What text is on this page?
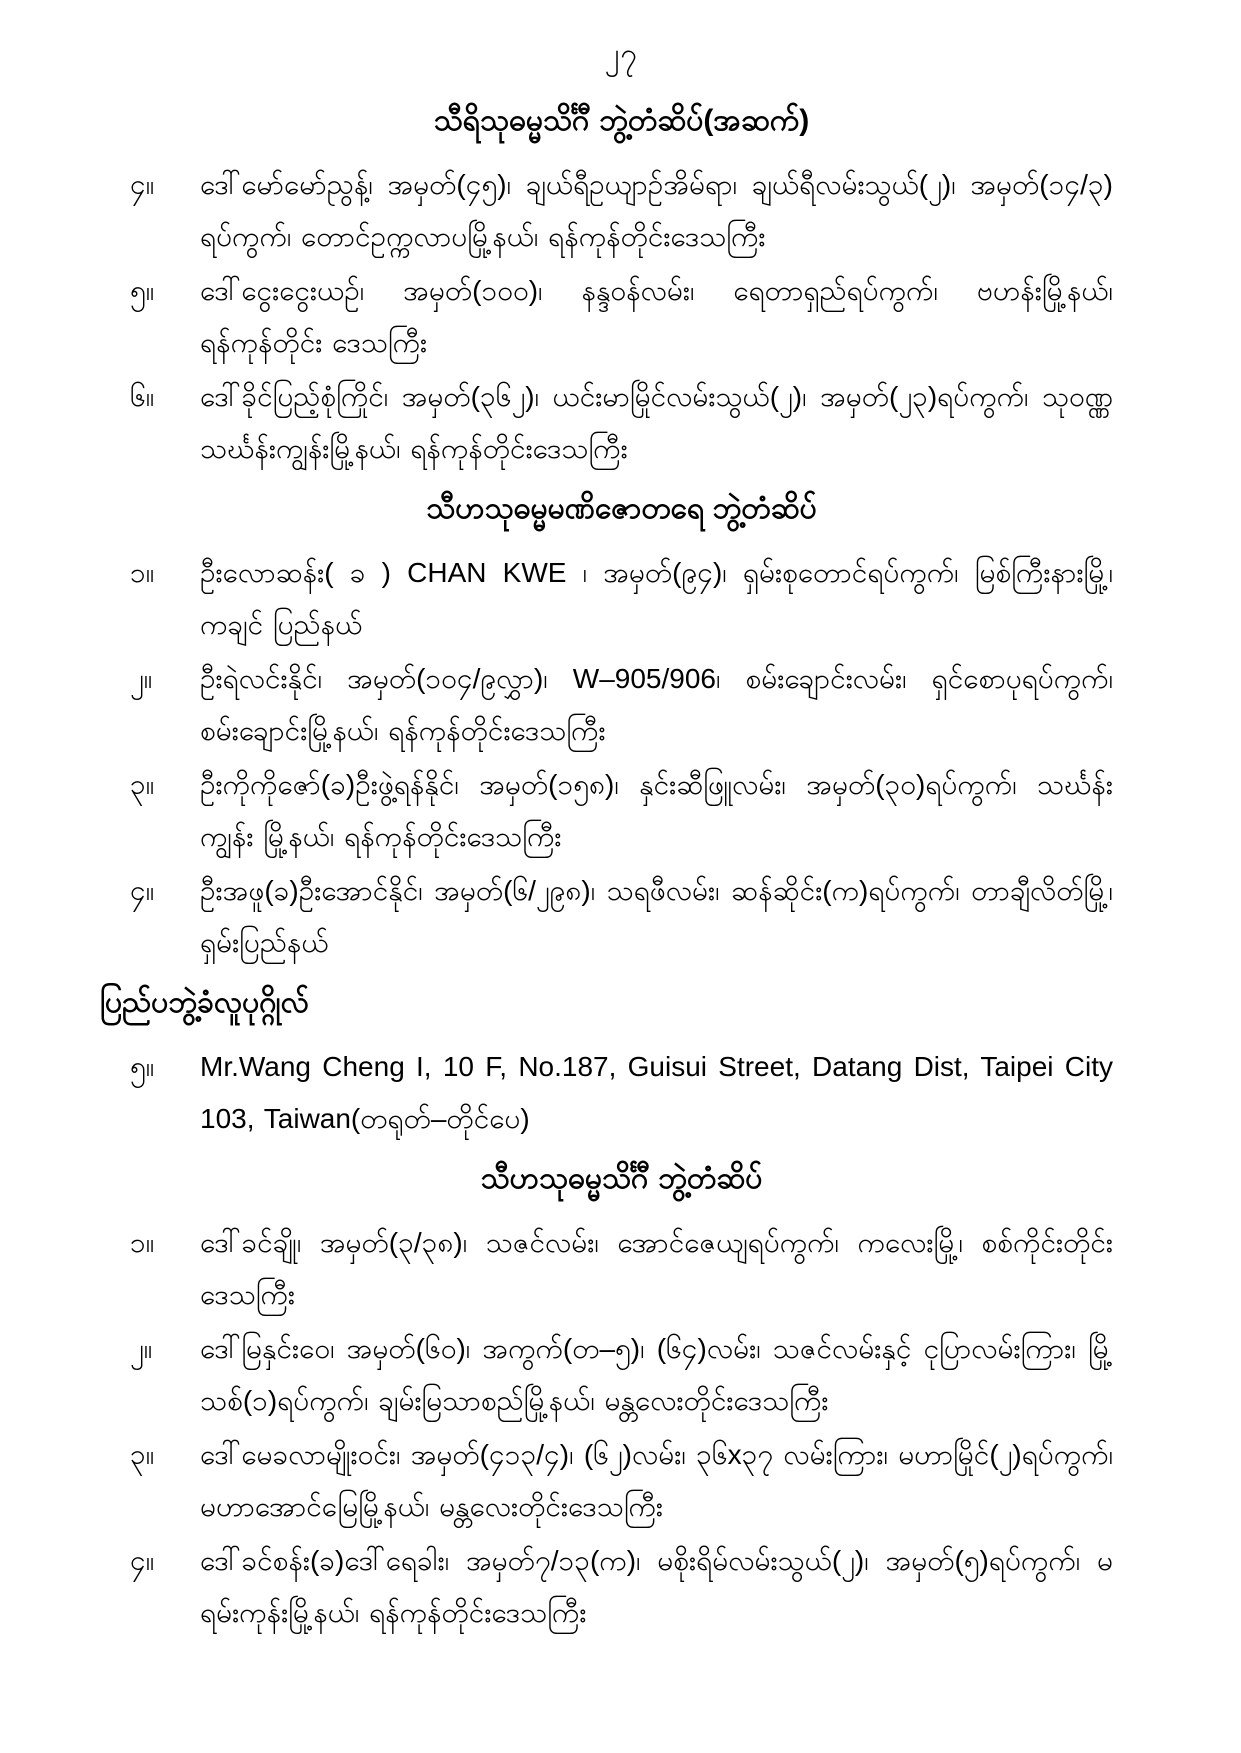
၂၇
သီရိသုဓမ္မသိင်္ဂီ ဘွဲ့တံဆိပ်(အဆက်)
၄။	ဒေါ်မော်မော်ညွန့်၊ အမှတ်(၄၅)၊ ချယ်ရီဥယျာဉ်အိမ်ရာ၊ ချယ်ရီလမ်းသွယ်(၂)၊ အမှတ်(၁၄/၃) ရပ်ကွက်၊ တောင်ဥက္ကလာပမြို့နယ်၊ ရန်ကုန်တိုင်းဒေသကြီး
၅။	ဒေါ်ငွေးငွေးယဉ်၊ အမှတ်(၁၀၀)၊ နန္ဒဝန်လမ်း၊ ရေတာရှည်ရပ်ကွက်၊ ဗဟန်းမြို့နယ်၊ ရန်ကုန်တိုင်း ဒေသကြီး
၆။	ဒေါ်ခိုင်ပြည့်စုံကြိုင်၊ အမှတ်(၃၆၂)၊ ယင်းမာမြိုင်လမ်းသွယ်(၂)၊ အမှတ်(၂၃)ရပ်ကွက်၊ သုဝဏ္ဏ သင်္ဃန်းကျွန်းမြို့နယ်၊ ရန်ကုန်တိုင်းဒေသကြီး
သီဟသုဓမ္မမဏိဇောတရေ ဘွဲ့တံဆိပ်
၁။	ဦးလောဆန်း( ခ ) CHAN KWE ၊ အမှတ်(၉၄)၊ ရှမ်းစုတောင်ရပ်ကွက်၊ မြစ်ကြီးနားမြို့၊ ကချင် ပြည်နယ်
၂။	ဦးရဲလင်းနိုင်၊ အမှတ်(၁၀၄/၉လွှာ)၊ W–905/906၊ စမ်းချောင်းလမ်း၊ ရှင်စောပုရပ်ကွက်၊ စမ်းချောင်းမြို့နယ်၊ ရန်ကုန်တိုင်းဒေသကြီး
၃။	ဦးကိုကိုဇော်(ခ)ဦးဖွဲ့ရန်နိုင်၊ အမှတ်(၁၅၈)၊ နှင်းဆီဖြူလမ်း၊ အမှတ်(၃၀)ရပ်ကွက်၊ သင်္ဃန်းကျွန်း မြို့နယ်၊ ရန်ကုန်တိုင်းဒေသကြီး
၄။	ဦးအဖူ(ခ)ဦးအောင်နိုင်၊ အမှတ်(၆/၂၉၈)၊ သရဖီလမ်း၊ ဆန်ဆိုင်း(က)ရပ်ကွက်၊ တာချီလိတ်မြို့၊ ရှမ်းပြည်နယ်
ပြည်ပဘွဲ့ခံလူပုဂ္ဂိုလ်
၅။	Mr.Wang Cheng I, 10 F, No.187, Guisui Street, Datang Dist, Taipei City 103, Taiwan(တရုတ်–တိုင်ပေ)
သီဟသုဓမ္မသိင်္ဂီ ဘွဲ့တံဆိပ်
၁။	ဒေါ်ခင်ချို၊ အမှတ်(၃/၃၈)၊ သဇင်လမ်း၊ အောင်ဇေယျရပ်ကွက်၊ ကလေးမြို့၊ စစ်ကိုင်းတိုင်း ဒေသကြီး
၂။	ဒေါ်မြနှင်းဝေ၊ အမှတ်(၆၀)၊ အကွက်(တ–၅)၊ (၆၄)လမ်း၊ သဇင်လမ်းနှင့် ငုပြာလမ်းကြား၊ မြို့သစ်(၁)ရပ်ကွက်၊ ချမ်းမြသာစည်မြို့နယ်၊ မန္တလေးတိုင်းဒေသကြီး
၃။	ဒေါ်မေခလာမျိုးဝင်း၊ အမှတ်(၄၁၃/၄)၊ (၆၂)လမ်း၊ ၃၆x၃၇ လမ်းကြား၊ မဟာမြိုင်(၂)ရပ်ကွက်၊ မဟာအောင်မြေမြို့နယ်၊ မန္တလေးတိုင်းဒေသကြီး
၄။	ဒေါ်ခင်စန်း(ခ)ဒေါ်ရေခါး၊ အမှတ်၇/၁၃(က)၊ မစိုးရိမ်လမ်းသွယ်(၂)၊ အမှတ်(၅)ရပ်ကွက်၊ မရမ်းကုန်းမြို့နယ်၊ ရန်ကုန်တိုင်းဒေသကြီး
